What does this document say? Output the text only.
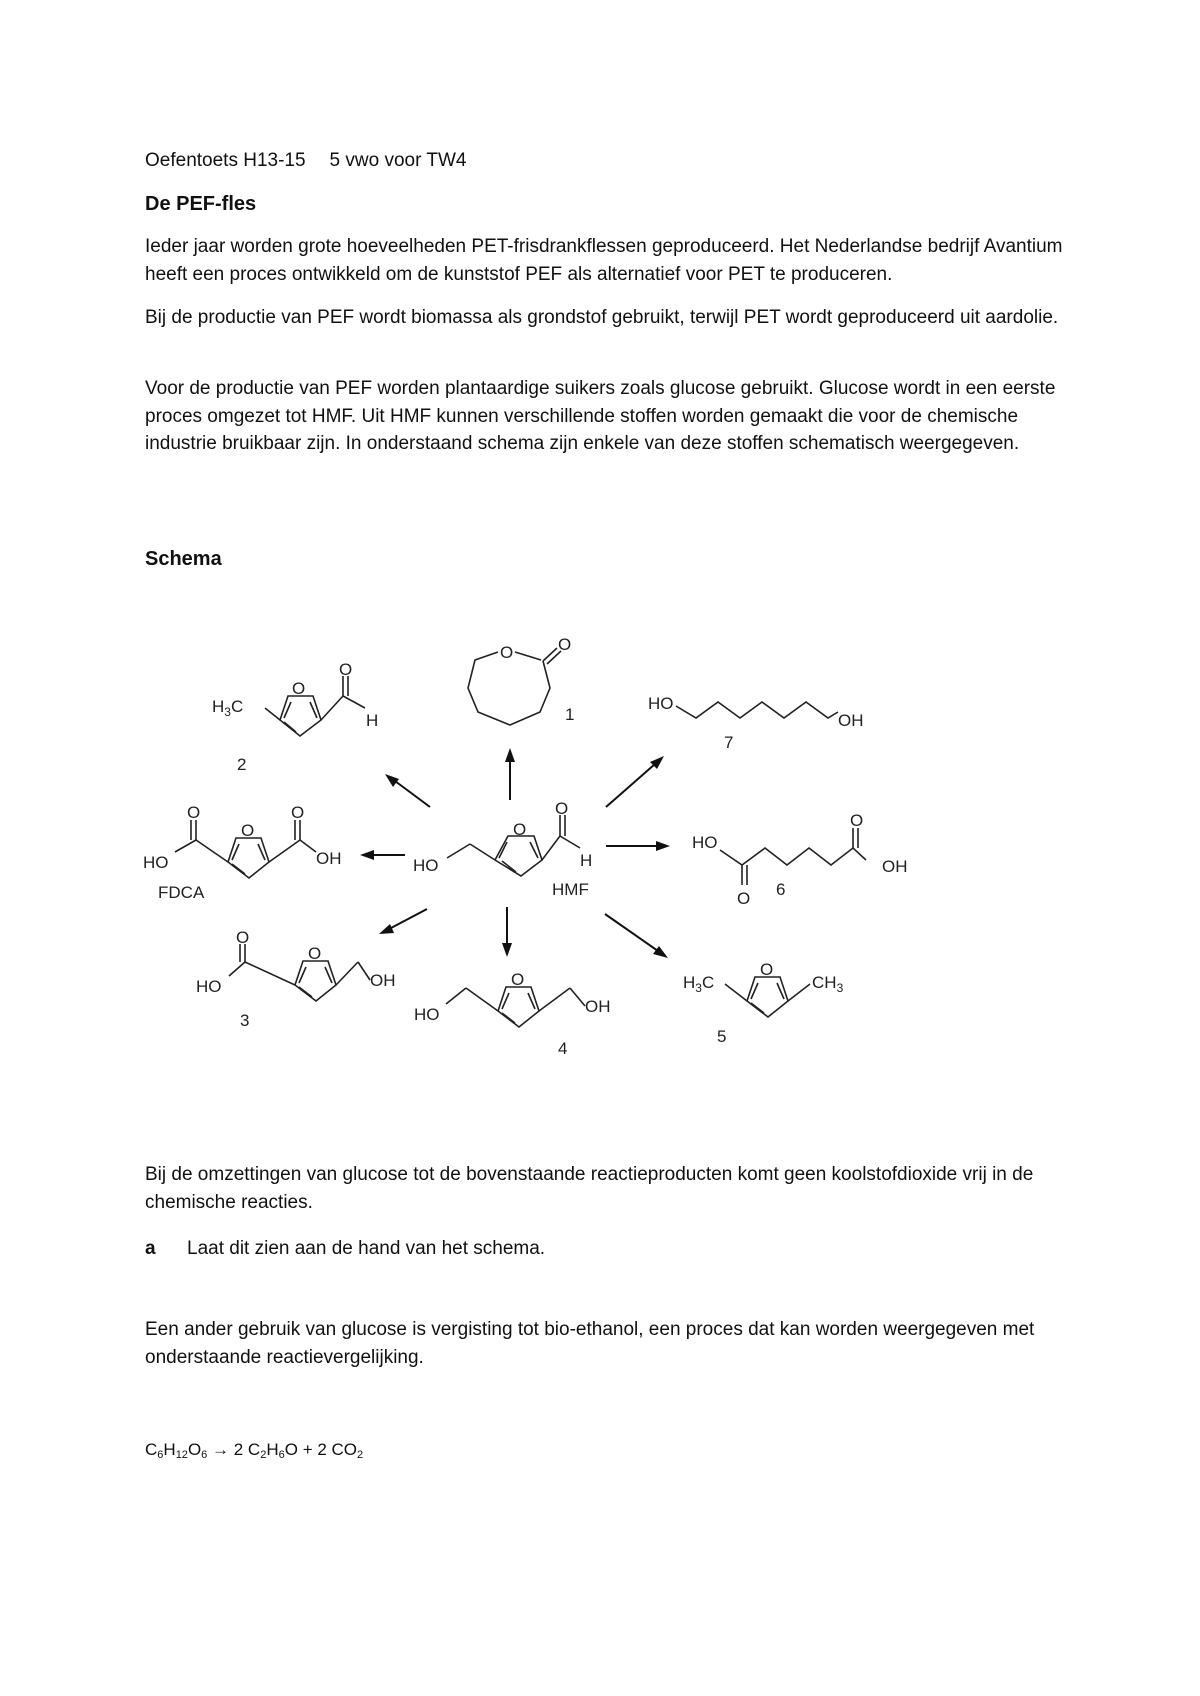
Oefentoets H13-15 5 vwo voor TW4

De PEF-fles

Ieder jaar worden grote hoeveelheden PET-frisdrankflessen geproduceerd. Het Nederlandse bedrijf Avantium heeft een proces ontwikkeld om de kunststof PEF als alternatief voor PET te produceren.

Bij de productie van PEF wordt biomassa als grondstof gebruikt, terwijl PET wordt geproduceerd uit aardolie.

Voor de productie van PEF worden plantaardige suikers zoals glucose gebruikt. Glucose wordt in een eerste proces omgezet tot HMF. Uit HMF kunnen verschillende stoffen worden gemaakt die voor de chemische industrie bruikbaar zijn. In onderstaand schema zijn enkele van deze stoffen schematisch weergegeven.

Schema

O
O
H
HO
HMF
O	O
1
O
O
H
$H_3C$
2
O
O	O
HO	OH
FDCA
O
O
HO	OH
3
O
HO	OH
4
O
$H_3C$	$CH_3$
5
HO
O
O
OH
6
HO
OH
7

Bij de omzettingen van glucose tot de bovenstaande reactieproducten komt geen koolstofdioxide vrij in de chemische reacties.

a Laat dit zien aan de hand van het schema.

Een ander gebruik van glucose is vergisting tot bio-ethanol, een proces dat kan worden weergegeven met onderstaande reactievergelijking.

$C_6H_{12}O_6 \to 2$ $C_2H_6O + 2$ $CO_2$
